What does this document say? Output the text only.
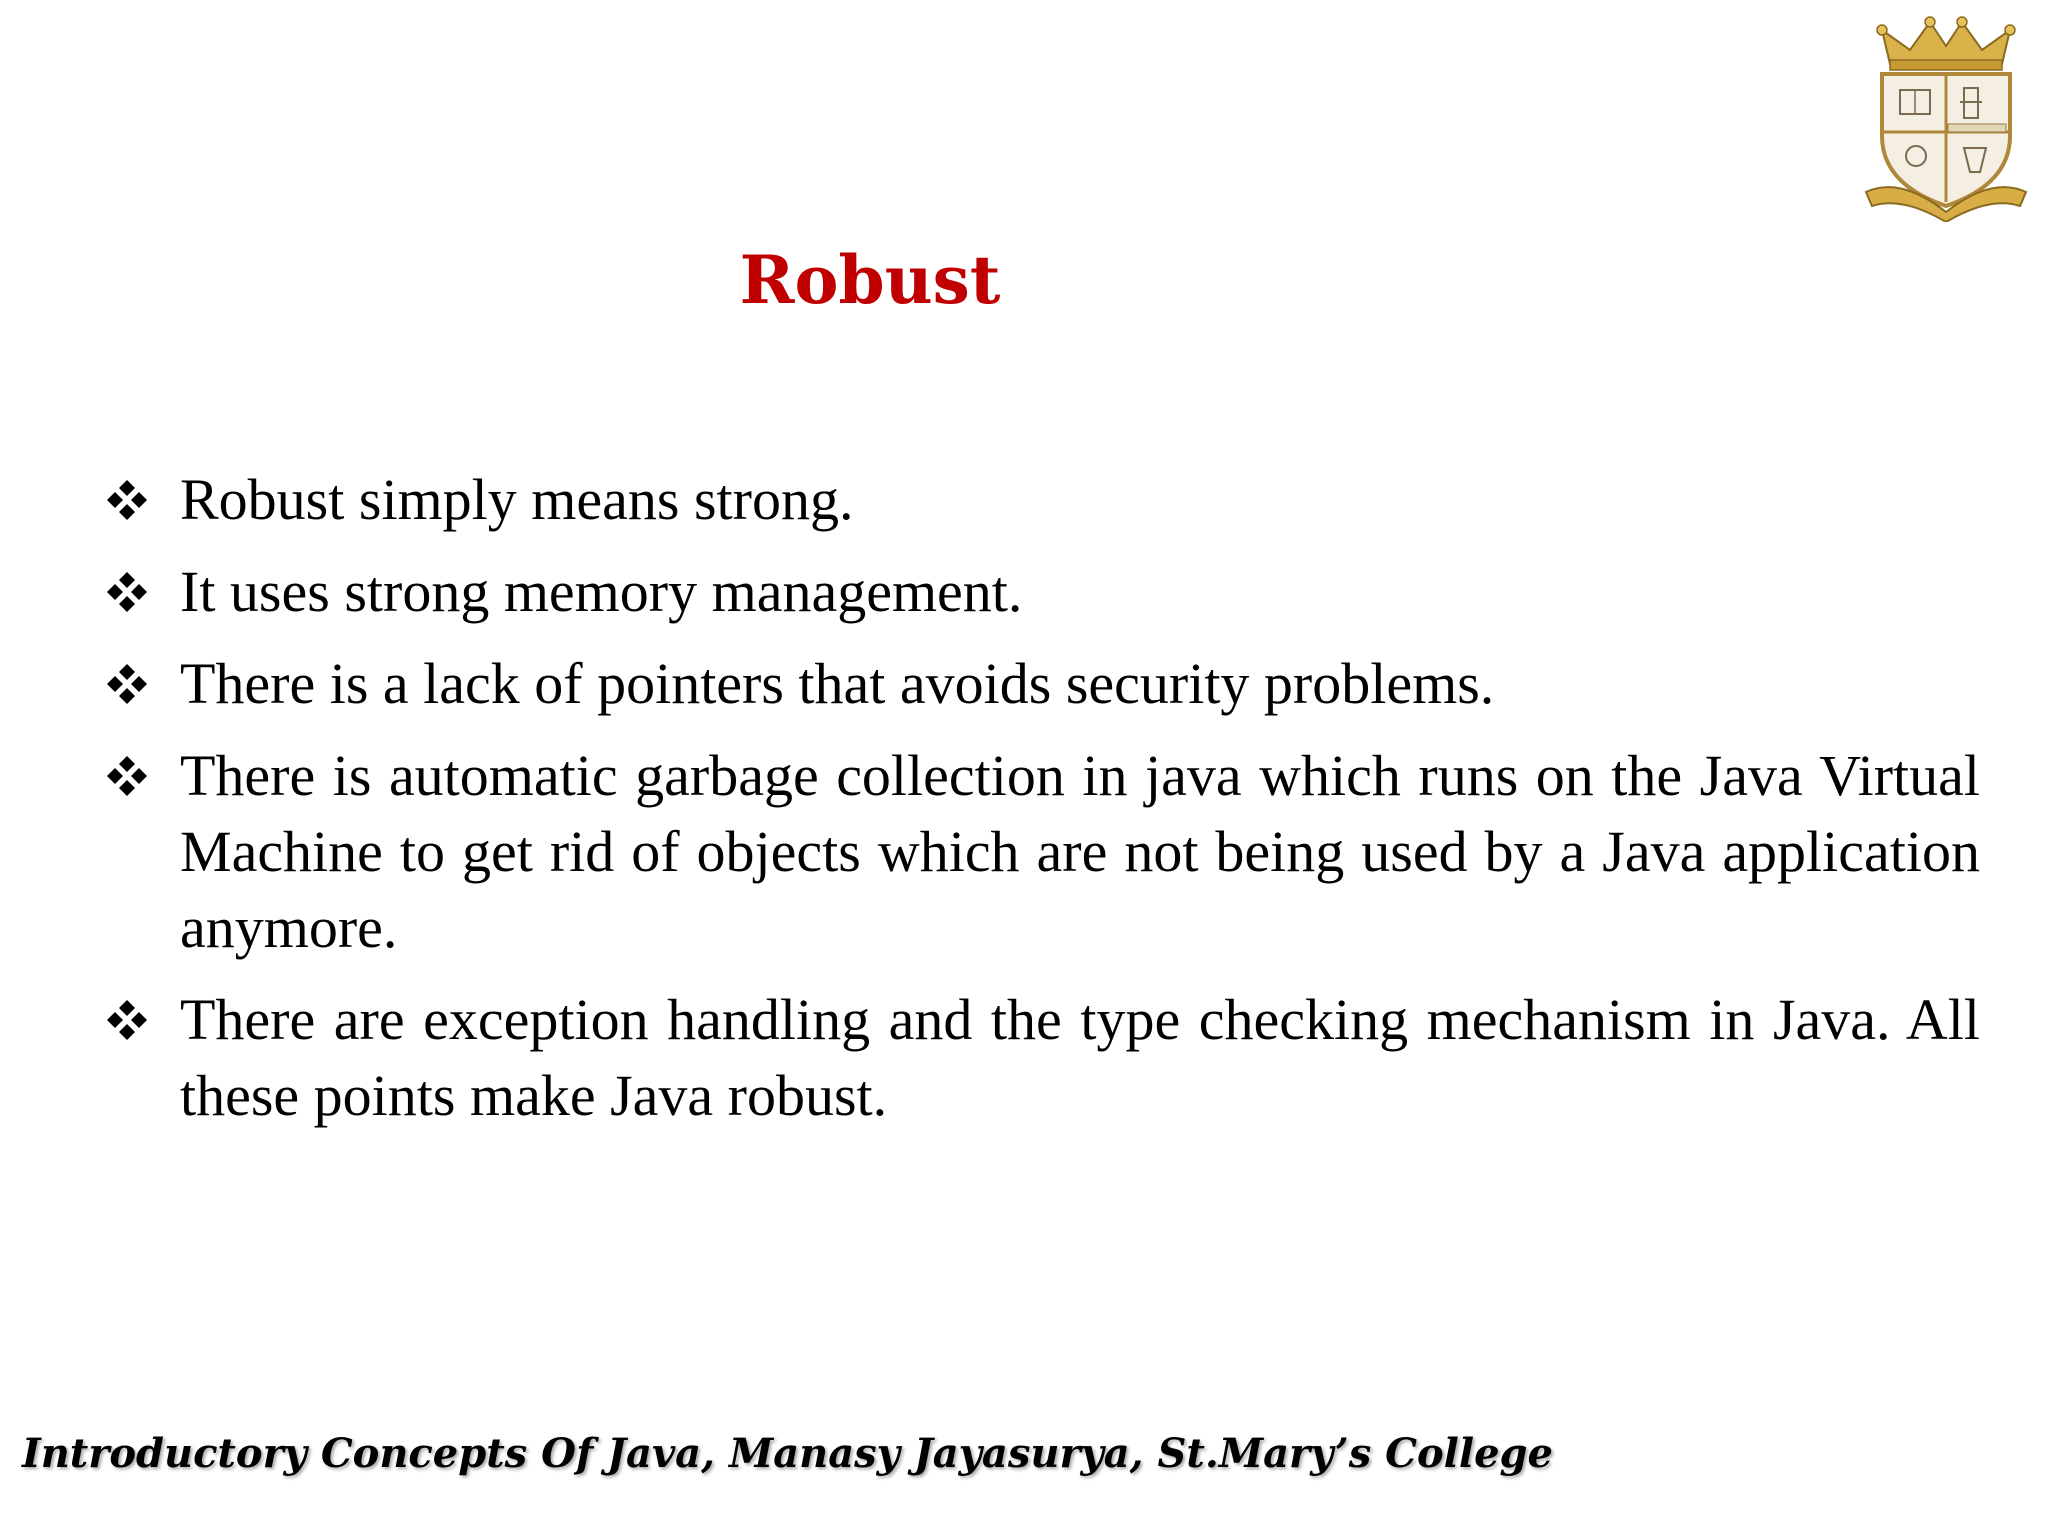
Robust
Robust simply means strong.
It uses strong memory management.
There is a lack of pointers that avoids security problems.
There is automatic garbage collection in java which runs on the Java Virtual Machine to get rid of objects which are not being used by a Java application anymore.
There are exception handling and the type checking mechanism in Java. All these points make Java robust.
Introductory Concepts Of Java, Manasy Jayasurya, St.Mary’s College
